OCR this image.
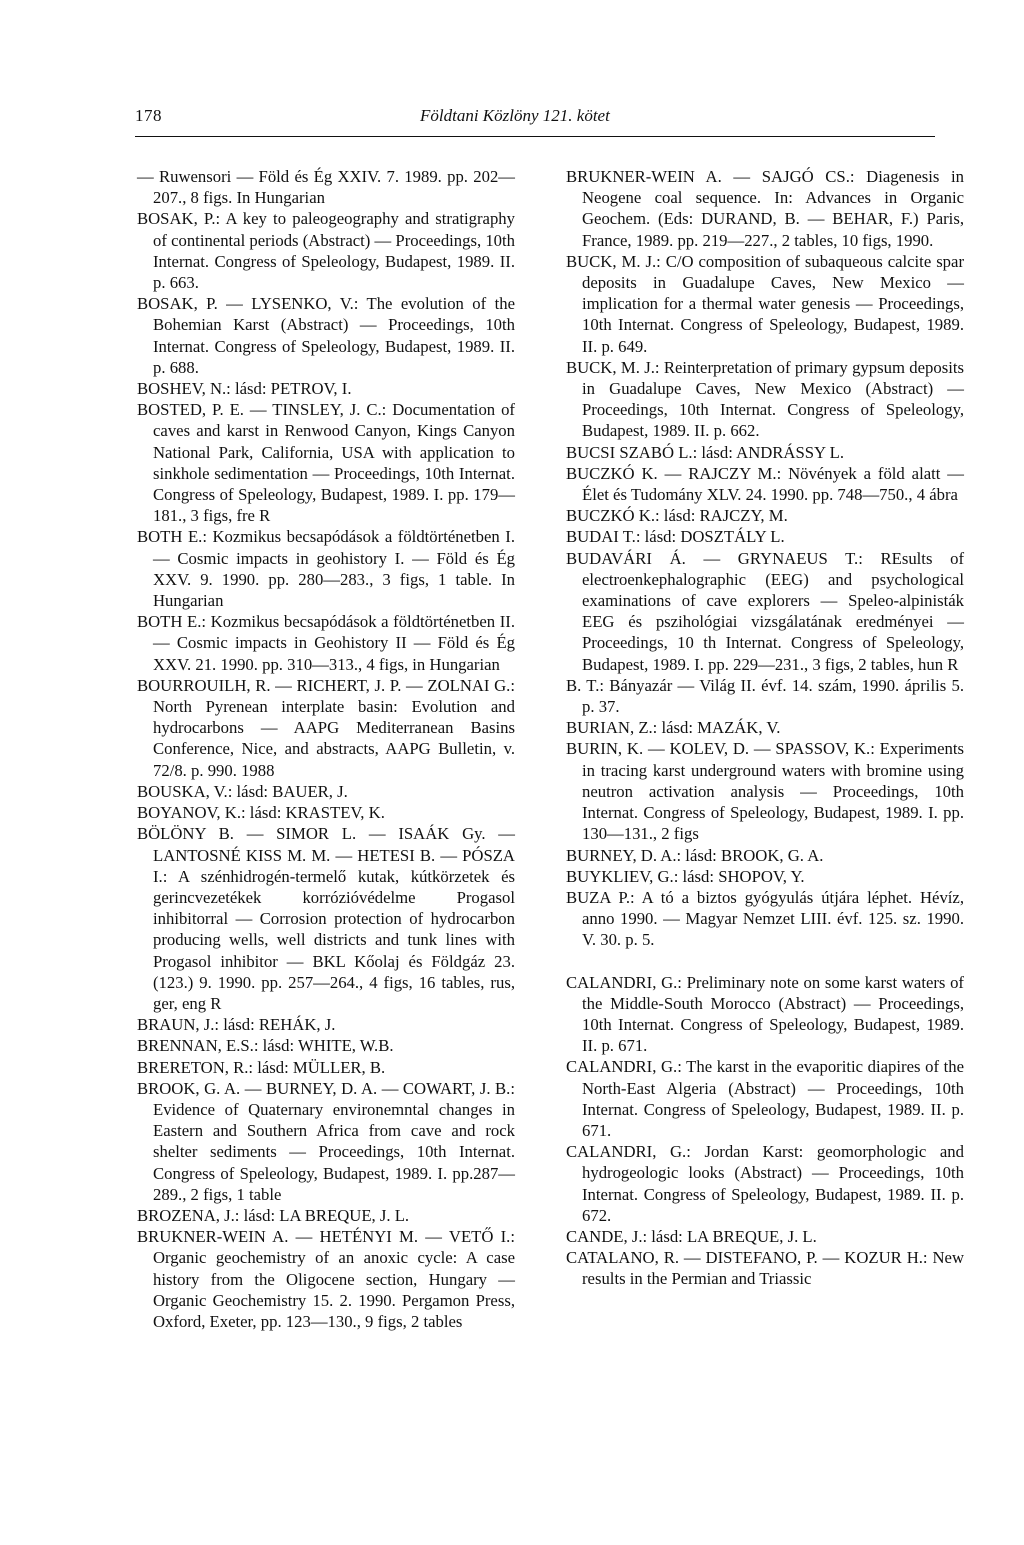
178	Földtani Közlöny 121. kötet

— Ruwensori — Föld és Ég XXIV. 7. 1989. pp. 202—207., 8 figs. In Hungarian

BOSAK, P.: A key to paleogeography and stratigraphy of continental periods (Abstract) — Proceedings, 10th Internat. Congress of Speleology, Budapest, 1989. II. p. 663.

BOSAK, P. — LYSENKO, V.: The evolution of the Bohemian Karst (Abstract) — Proceedings, 10th Internat. Congress of Speleology, Budapest, 1989. II. p. 688.

BOSHEV, N.: lásd: PETROV, I.

BOSTED, P. E. — TINSLEY, J. C.: Documentation of caves and karst in Renwood Canyon, Kings Canyon National Park, California, USA with application to sinkhole sedimentation — Proceedings, 10th Internat. Congress of Speleology, Budapest, 1989. I. pp. 179—181., 3 figs, fre R

BOTH E.: Kozmikus becsapódások a földtörténetben I. — Cosmic impacts in geohistory I. — Föld és Ég XXV. 9. 1990. pp. 280—283., 3 figs, 1 table. In Hungarian

BOTH E.: Kozmikus becsapódások a földtörténetben II. — Cosmic impacts in Geohistory II — Föld és Ég XXV. 21. 1990. pp. 310—313., 4 figs, in Hungarian

BOURROUILH, R. — RICHERT, J. P. — ZOLNAI G.: North Pyrenean interplate basin: Evolution and hydrocarbons — AAPG Mediterranean Basins Conference, Nice, and abstracts, AAPG Bulletin, v. 72/8. p. 990. 1988

BOUSKA, V.: lásd: BAUER, J.

BOYANOV, K.: lásd: KRASTEV, K.

BÖLÖNY B. — SIMOR L. — ISAÁK Gy. — LANTOSNÉ KISS M. M. — HETESI B. — PÓSZA I.: A szénhidrogén-termelő kutak, kútkörzetek és gerincvezetékek korrózióvédelme Progasol inhibitorral — Corrosion protection of hydrocarbon producing wells, well districts and tunk lines with Progasol inhibitor — BKL Kőolaj és Földgáz 23. (123.) 9. 1990. pp. 257—264., 4 figs, 16 tables, rus, ger, eng R

BRAUN, J.: lásd: REHÁK, J.

BRENNAN, E.S.: lásd: WHITE, W.B.

BRERETON, R.: lásd: MÜLLER, B.

BROOK, G. A. — BURNEY, D. A. — COWART, J. B.: Evidence of Quaternary environemntal changes in Eastern and Southern Africa from cave and rock shelter sediments — Proceedings, 10th Internat. Congress of Speleology, Budapest, 1989. I. pp.287—289., 2 figs, 1 table

BROZENA, J.: lásd: LA BREQUE, J. L.

BRUKNER-WEIN A. — HETÉNYI M. — VETŐ I.: Organic geochemistry of an anoxic cycle: A case history from the Oligocene section, Hungary — Organic Geochemistry 15. 2. 1990. Pergamon Press, Oxford, Exeter, pp. 123—130., 9 figs, 2 tables

BRUKNER-WEIN A. — SAJGÓ CS.: Diagenesis in Neogene coal sequence. In: Advances in Organic Geochem. (Eds: DURAND, B. — BEHAR, F.) Paris, France, 1989. pp. 219—227., 2 tables, 10 figs, 1990.

BUCK, M. J.: C/O composition of subaqueous calcite spar deposits in Guadalupe Caves, New Mexico — implication for a thermal water genesis — Proceedings, 10th Internat. Congress of Speleology, Budapest, 1989. II. p. 649.

BUCK, M. J.: Reinterpretation of primary gypsum deposits in Guadalupe Caves, New Mexico (Abstract) — Proceedings, 10th Internat. Congress of Speleology, Budapest, 1989. II. p. 662.

BUCSI SZABÓ L.: lásd: ANDRÁSSY L.

BUCZKÓ K. — RAJCZY M.: Növények a föld alatt — Élet és Tudomány XLV. 24. 1990. pp. 748—750., 4 ábra

BUCZKÓ K.: lásd: RAJCZY, M.

BUDAI T.: lásd: DOSZTÁLY L.

BUDAVÁRI Á. — GRYNAEUS T.: REsults of electroenkephalographic (EEG) and psychological examinations of cave explorers — Speleo-alpinisták EEG és pszihológiai vizsgálatának eredményei — Proceedings, 10 th Internat. Congress of Speleology, Budapest, 1989. I. pp. 229—231., 3 figs, 2 tables, hun R

B. T.: Bányazár — Világ II. évf. 14. szám, 1990. április 5. p. 37.

BURIAN, Z.: lásd: MAZÁK, V.

BURIN, K. — KOLEV, D. — SPASSOV, K.: Experiments in tracing karst underground waters with bromine using neutron activation analysis — Proceedings, 10th Internat. Congress of Speleology, Budapest, 1989. I. pp. 130—131., 2 figs

BURNEY, D. A.: lásd: BROOK, G. A.

BUYKLIEV, G.: lásd: SHOPOV, Y.

BUZA P.: A tó a biztos gyógyulás útjára léphet. Hévíz, anno 1990. — Magyar Nemzet LIII. évf. 125. sz. 1990. V. 30. p. 5.

CALANDRI, G.: Preliminary note on some karst waters of the Middle-South Morocco (Abstract) — Proceedings, 10th Internat. Congress of Speleology, Budapest, 1989. II. p. 671.

CALANDRI, G.: The karst in the evaporitic diapires of the North-East Algeria (Abstract) — Proceedings, 10th Internat. Congress of Speleology, Budapest, 1989. II. p. 671.

CALANDRI, G.: Jordan Karst: geomorphologic and hydrogeologic looks (Abstract) — Proceedings, 10th Internat. Congress of Speleology, Budapest, 1989. II. p. 672.

CANDE, J.: lásd: LA BREQUE, J. L.

CATALANO, R. — DISTEFANO, P. — KOZUR H.: New results in the Permian and Triassic
